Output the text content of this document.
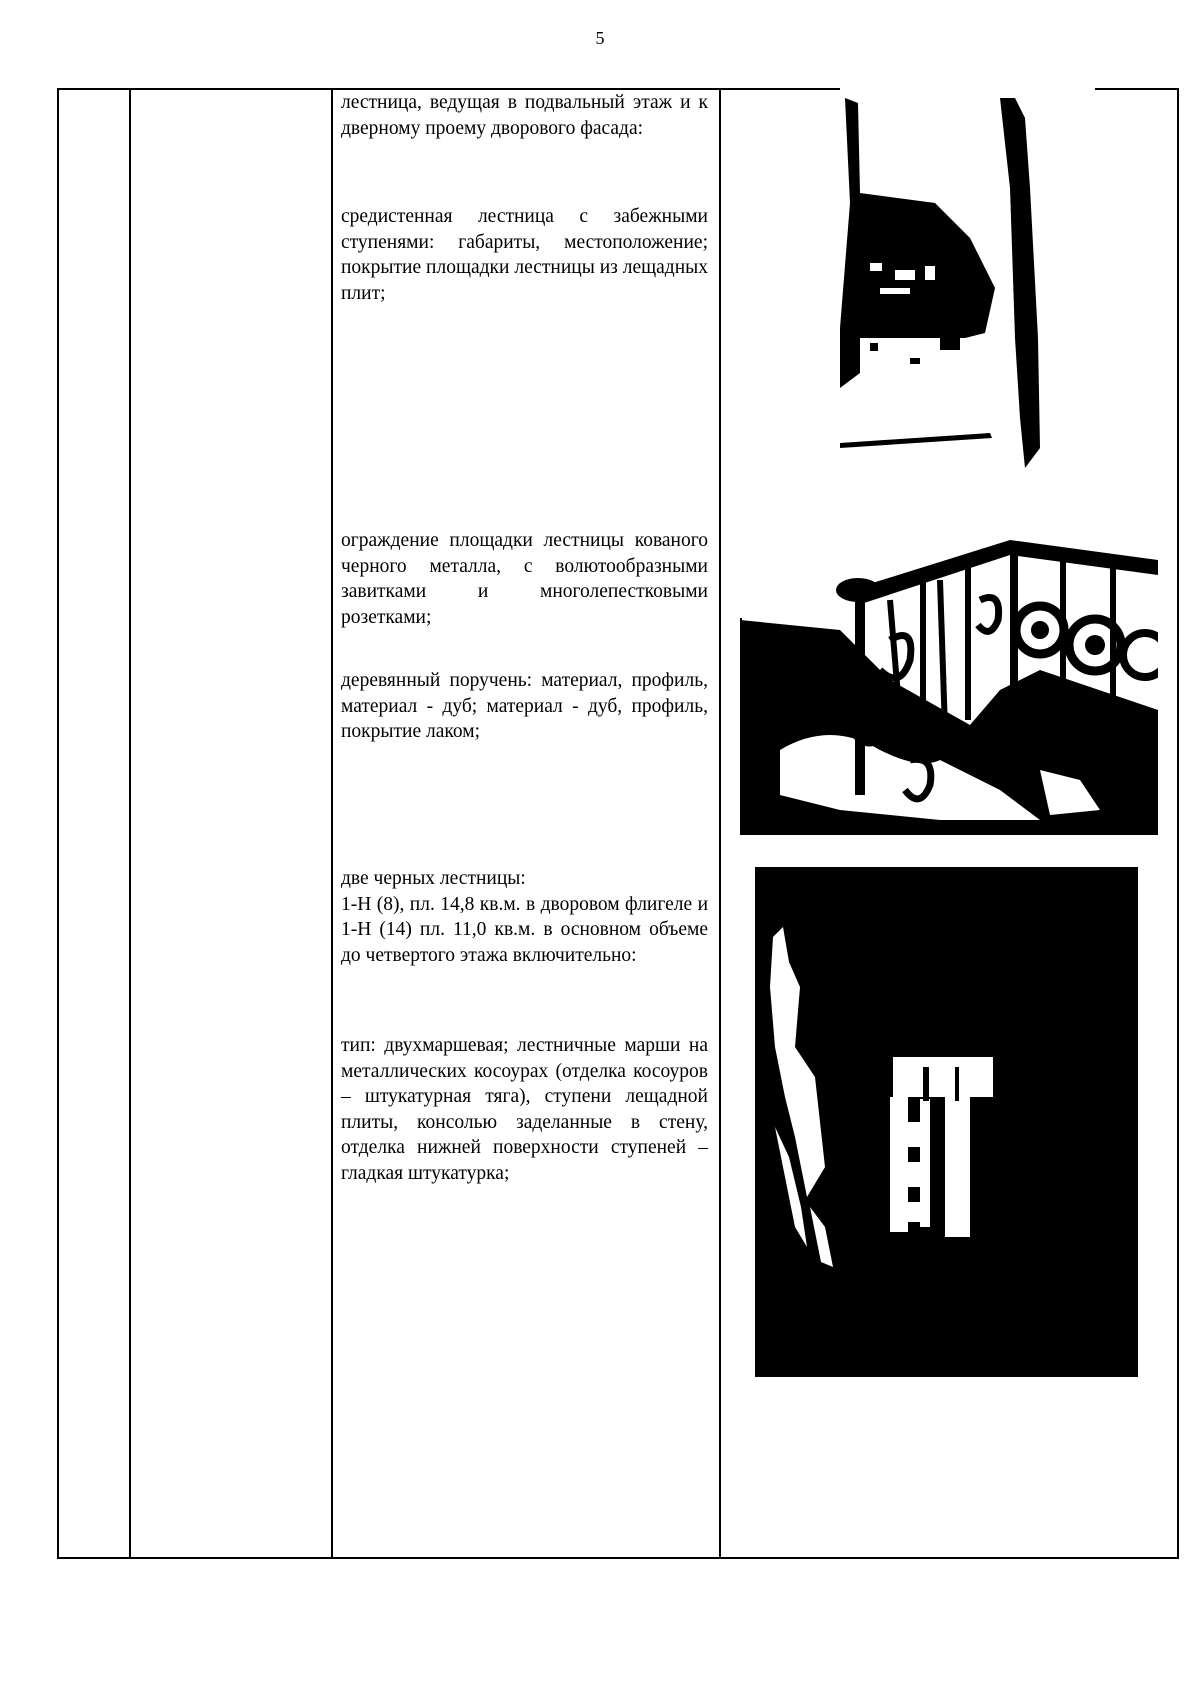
5

лестница, ведущая в подвальный этаж и к дверному проему дворового фасада:

средистенная лестница с забежными ступенями: габариты, местоположение; покрытие площадки лестницы из лещадных плит;

ограждение площадки лестницы кованого черного металла, с волютообразными завитками и многолепестковыми розетками;

деревянный поручень: материал, профиль, материал - дуб; материал - дуб, профиль, покрытие лаком;

две черных лестницы:

1-Н (8), пл. 14,8 кв.м. в дворовом флигеле и 1-Н (14) пл. 11,0 кв.м. в основном объеме до четвертого этажа включительно:

тип: двухмаршевая; лестничные марши на металлических косоурах (отделка косоуров – штукатурная тяга), ступени лещадной плиты, консолью заделанные в стену, отделка нижней поверхности ступеней – гладкая штукатурка;
